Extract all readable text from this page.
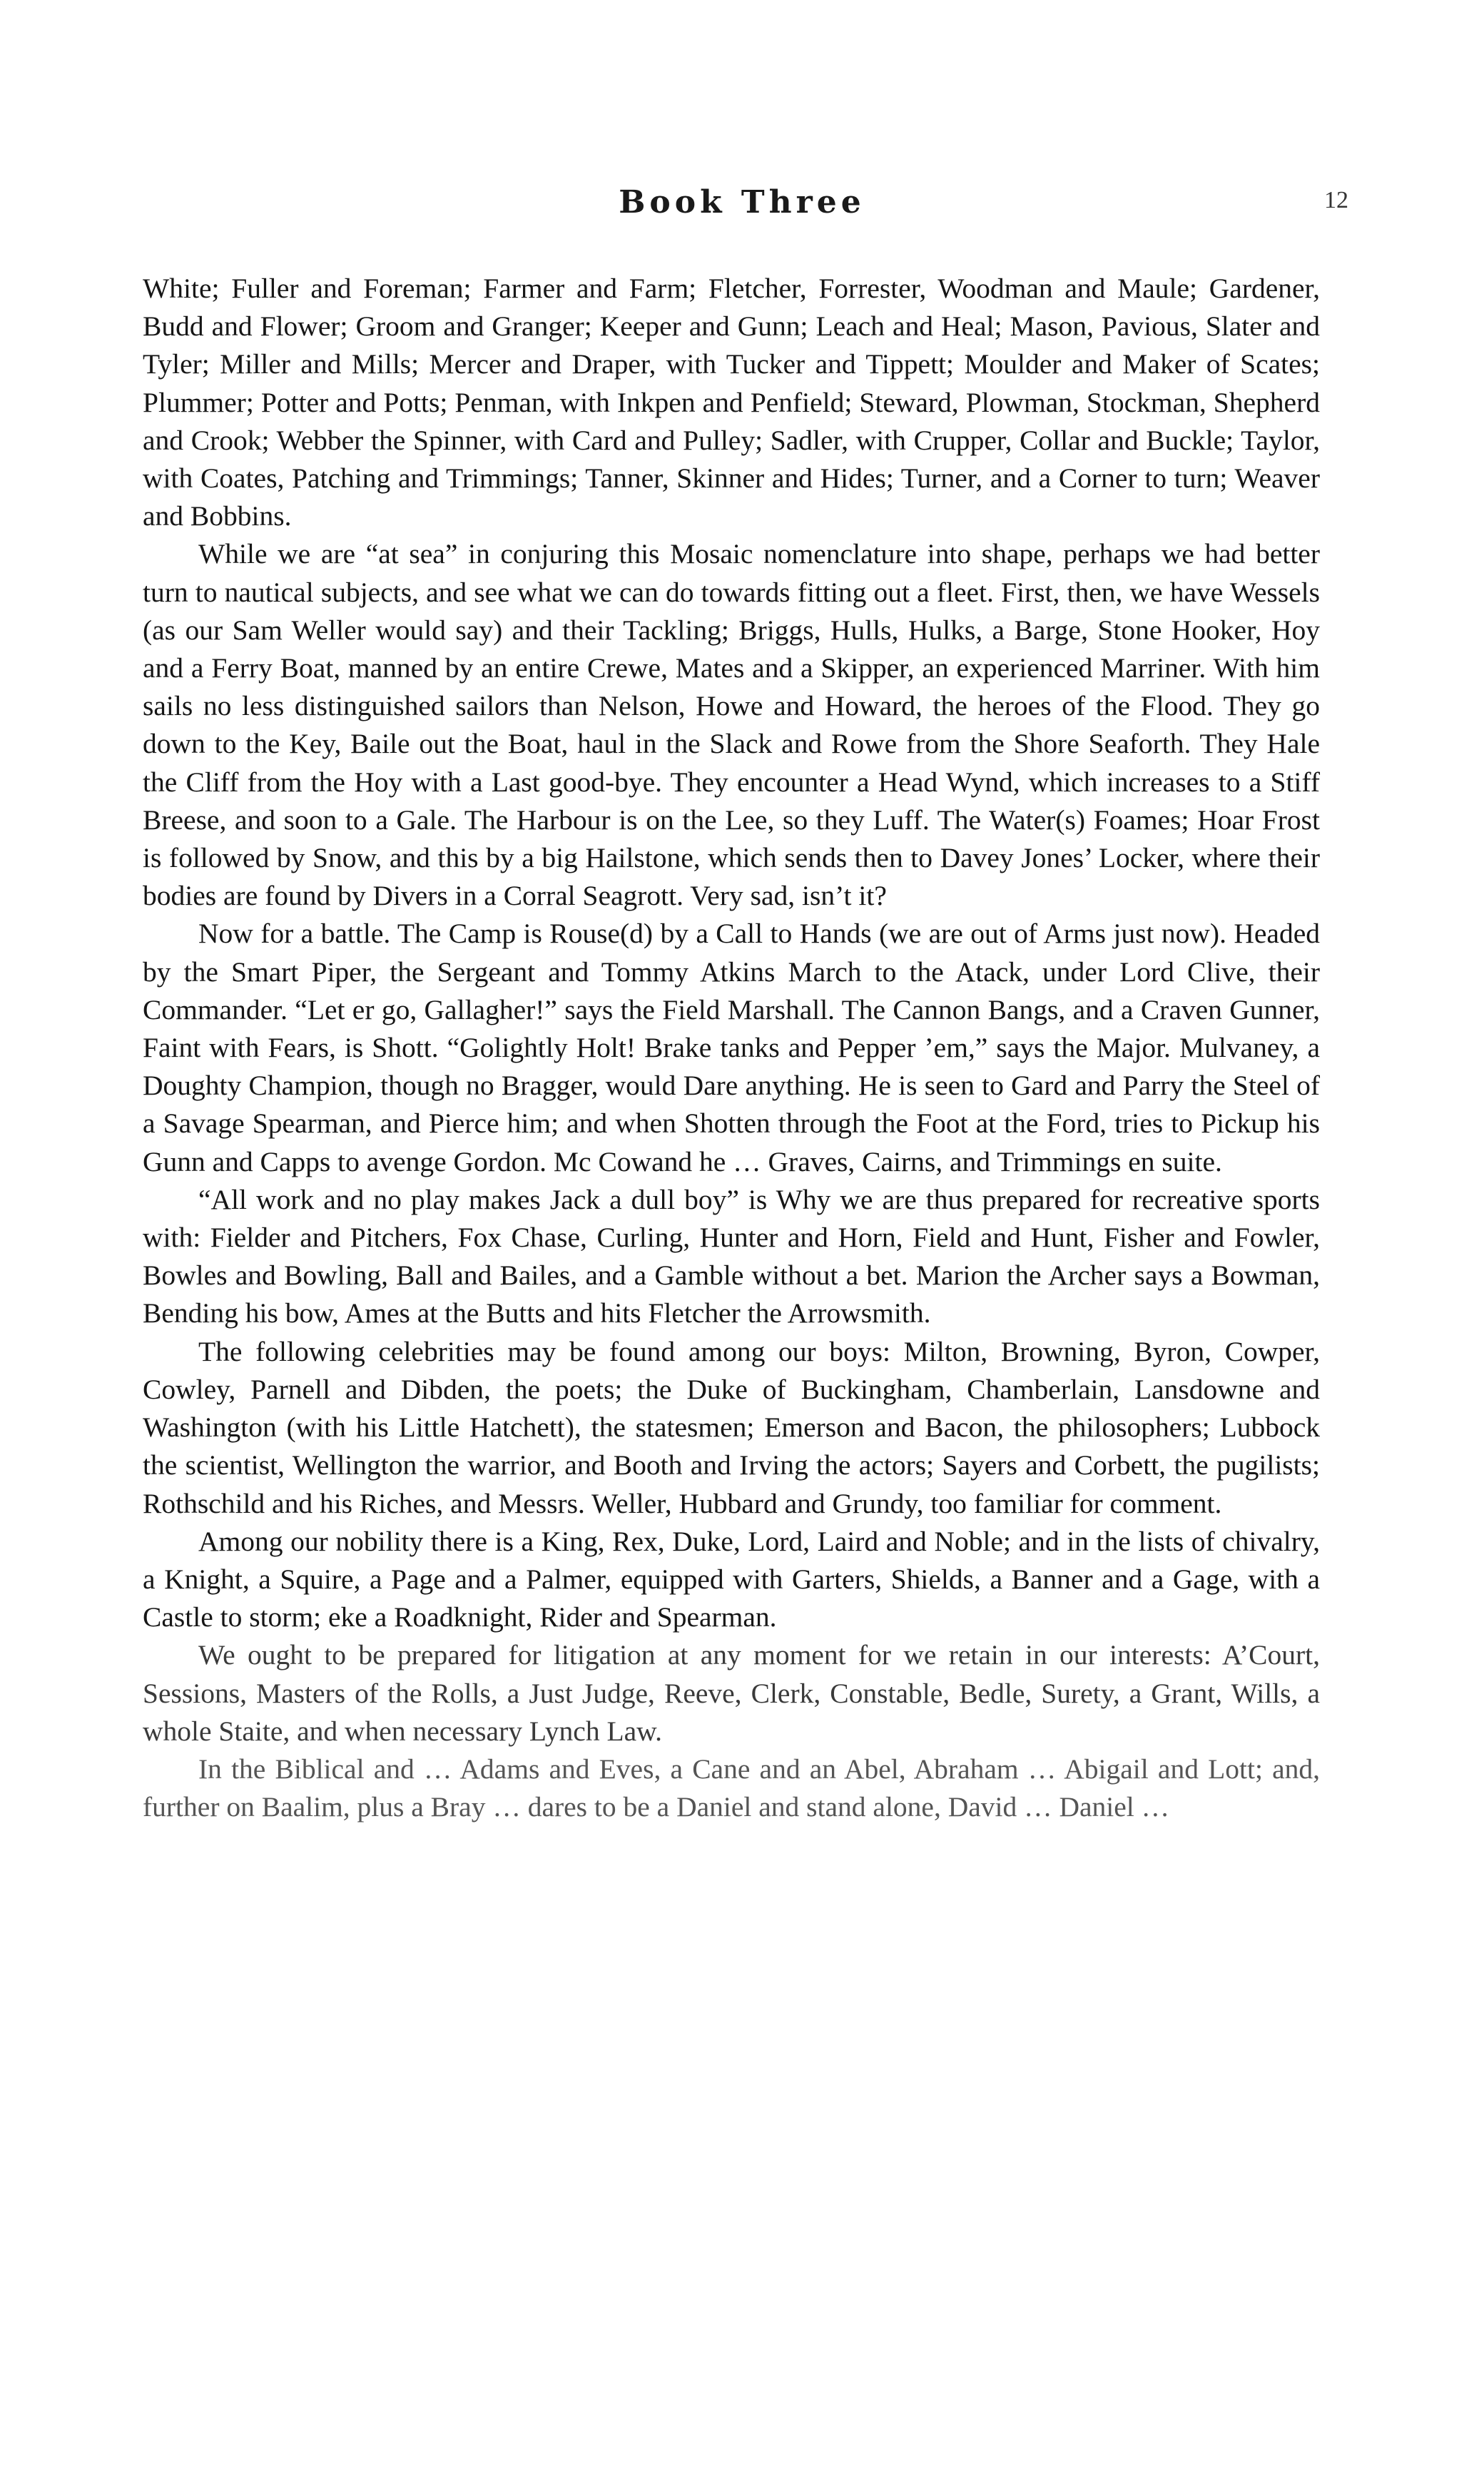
Book Three	12

White; Fuller and Foreman; Farmer and Farm; Fletcher, Forrester, Woodman and Maule; Gardener, Budd and Flower; Groom and Granger; Keeper and Gunn; Leach and Heal; Mason, Pavious, Slater and Tyler; Miller and Mills; Mercer and Draper, with Tucker and Tippett; Moulder and Maker of Scates; Plummer; Potter and Potts; Penman, with Inkpen and Penfield; Steward, Plowman, Stockman, Shepherd and Crook; Webber the Spinner, with Card and Pulley; Sadler, with Crupper, Collar and Buckle; Taylor, with Coates, Patching and Trimmings; Tanner, Skinner and Hides; Turner, and a Corner to turn; Weaver and Bobbins.

While we are “at sea” in conjuring this Mosaic nomenclature into shape, perhaps we had better turn to nautical subjects, and see what we can do towards fitting out a fleet. First, then, we have Wessels (as our Sam Weller would say) and their Tackling; Briggs, Hulls, Hulks, a Barge, Stone Hooker, Hoy and a Ferry Boat, manned by an entire Crewe, Mates and a Skipper, an experienced Marriner. With him sails no less distinguished sailors than Nelson, Howe and Howard, the heroes of the Flood. They go down to the Key, Baile out the Boat, haul in the Slack and Rowe from the Shore Seaforth. They Hale the Cliff from the Hoy with a Last good-bye. They encounter a Head Wynd, which increases to a Stiff Breese, and soon to a Gale. The Harbour is on the Lee, so they Luff. The Water(s) Foames; Hoar Frost is followed by Snow, and this by a big Hailstone, which sends then to Davey Jones’ Locker, where their bodies are found by Divers in a Corral Seagrott. Very sad, isn’t it?

Now for a battle. The Camp is Rouse(d) by a Call to Hands (we are out of Arms just now). Headed by the Smart Piper, the Sergeant and Tommy Atkins March to the Atack, under Lord Clive, their Commander. “Let er go, Gallagher!” says the Field Marshall. The Cannon Bangs, and a Craven Gunner, Faint with Fears, is Shott. “Golightly Holt! Brake tanks and Pepper ’em,” says the Major. Mulvaney, a Doughty Champion, though no Bragger, would Dare anything. He is seen to Gard and Parry the Steel of a Savage Spearman, and Pierce him; and when Shotten through the Foot at the Ford, tries to Pickup his Gunn and Capps to avenge Gordon. Mc Cowand he … Graves, Cairns, and Trimmings en suite.

“All work and no play makes Jack a dull boy” is Why we are thus prepared for recreative sports with: Fielder and Pitchers, Fox Chase, Curling, Hunter and Horn, Field and Hunt, Fisher and Fowler, Bowles and Bowling, Ball and Bailes, and a Gamble without a bet. Marion the Archer says a Bowman, Bending his bow, Ames at the Butts and hits Fletcher the Arrowsmith.

The following celebrities may be found among our boys: Milton, Browning, Byron, Cowper, Cowley, Parnell and Dibden, the poets; the Duke of Buckingham, Chamberlain, Lansdowne and Washington (with his Little Hatchett), the statesmen; Emerson and Bacon, the philosophers; Lubbock the scientist, Wellington the warrior, and Booth and Irving the actors; Sayers and Corbett, the pugilists; Rothschild and his Riches, and Messrs. Weller, Hubbard and Grundy, too familiar for comment.

Among our nobility there is a King, Rex, Duke, Lord, Laird and Noble; and in the lists of chivalry, a Knight, a Squire, a Page and a Palmer, equipped with Garters, Shields, a Banner and a Gage, with a Castle to storm; eke a Roadknight, Rider and Spearman.

We ought to be prepared for litigation at any moment for we retain in our interests: A’Court, Sessions, Masters of the Rolls, a Just Judge, Reeve, Clerk, Constable, Bedle, Surety, a Grant, Wills, a whole Staite, and when necessary Lynch Law.

In the Biblical and … Adams and Eves, a Cane and an Abel, Abraham … Abigail and Lott; and, further on Baalim, plus a Bray … dares to be a Daniel and stand alone, David … Daniel …
